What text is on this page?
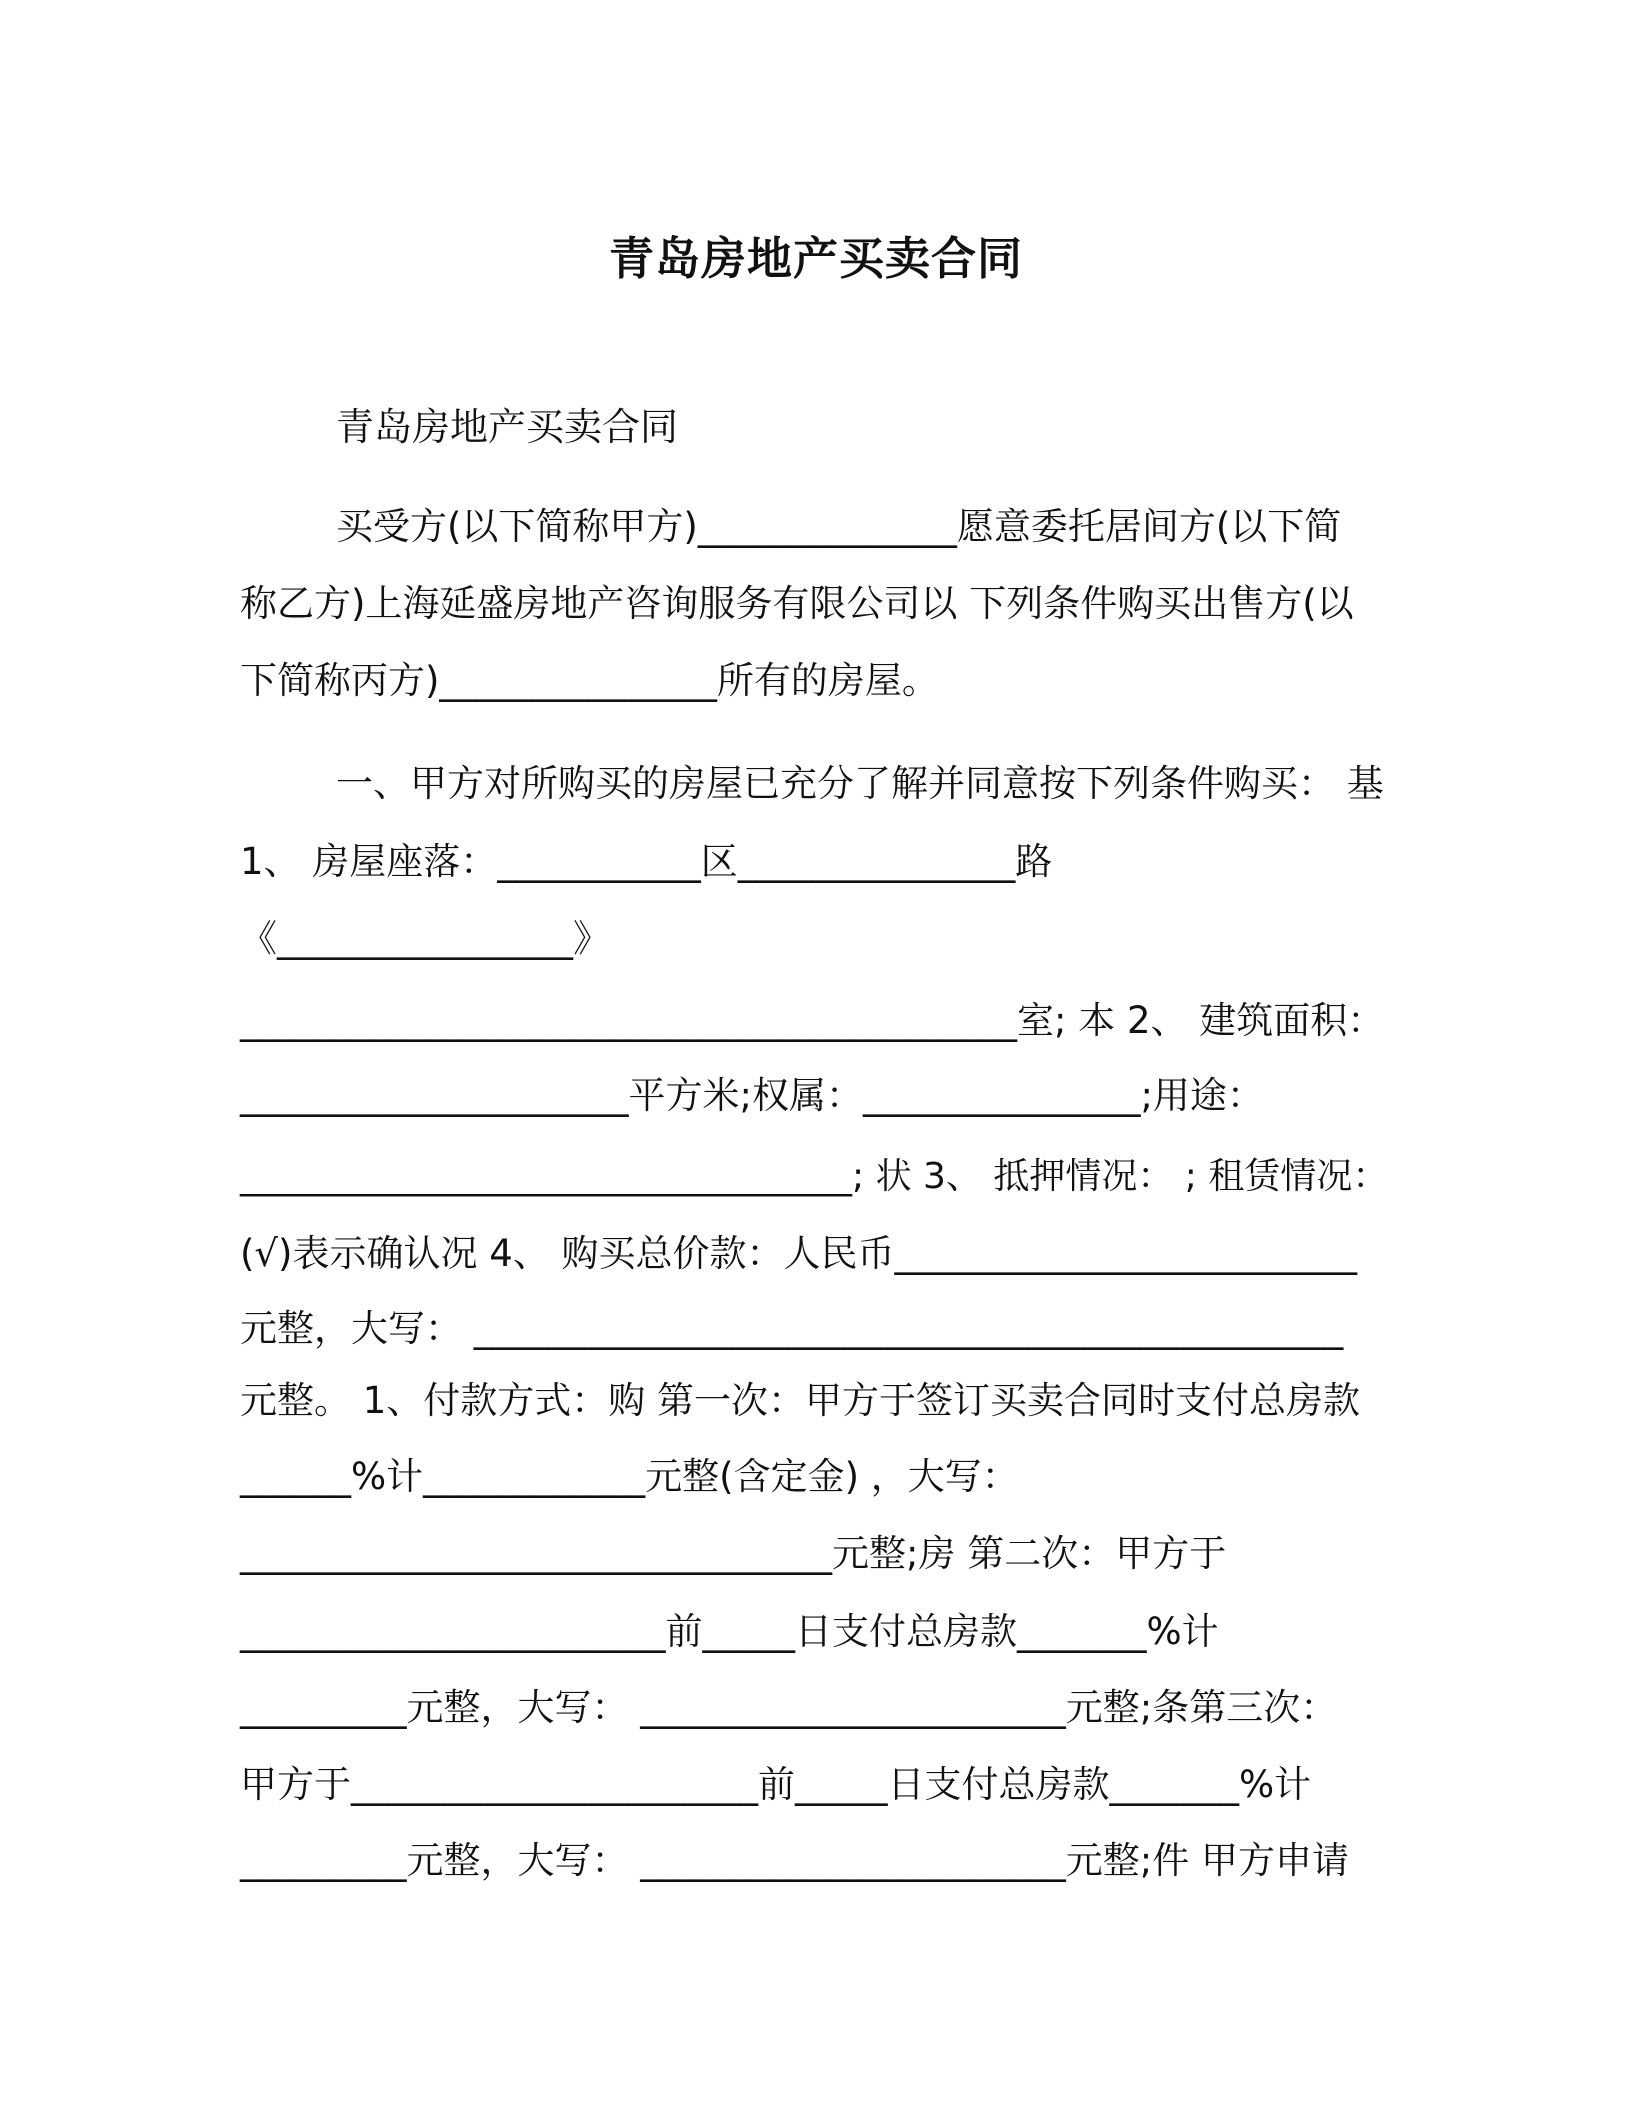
青岛房地产买卖合同
青岛房地产买卖合同
买受方(以下简称甲方)______________愿意委托居间方(以下简
称乙方)上海延盛房地产咨询服务有限公司以 下列条件购买出售方(以
下简称丙方)_______________所有的房屋。
一、甲方对所购买的房屋已充分了解并同意按下列条件购买： 基
1、 房屋座落：___________区_______________路
《________________》
__________________________________________室; 本 2、 建筑面积：
_____________________平方米;权属：_______________;用途：
__________________________________; 状 3、 抵押情况： ; 租赁情况：
(√)表示确认况 4、 购买总价款：人民币_________________________
元整，大写： _______________________________________________
元整。 1、付款方式：购 第一次：甲方于签订买卖合同时支付总房款
______%计____________元整(含定金) ，大写：
________________________________元整;房 第二次：甲方于
_______________________前_____日支付总房款_______%计
_________元整，大写： _______________________元整;条第三次：
甲方于______________________前_____日支付总房款_______%计
_________元整，大写： _______________________元整;件 甲方申请
